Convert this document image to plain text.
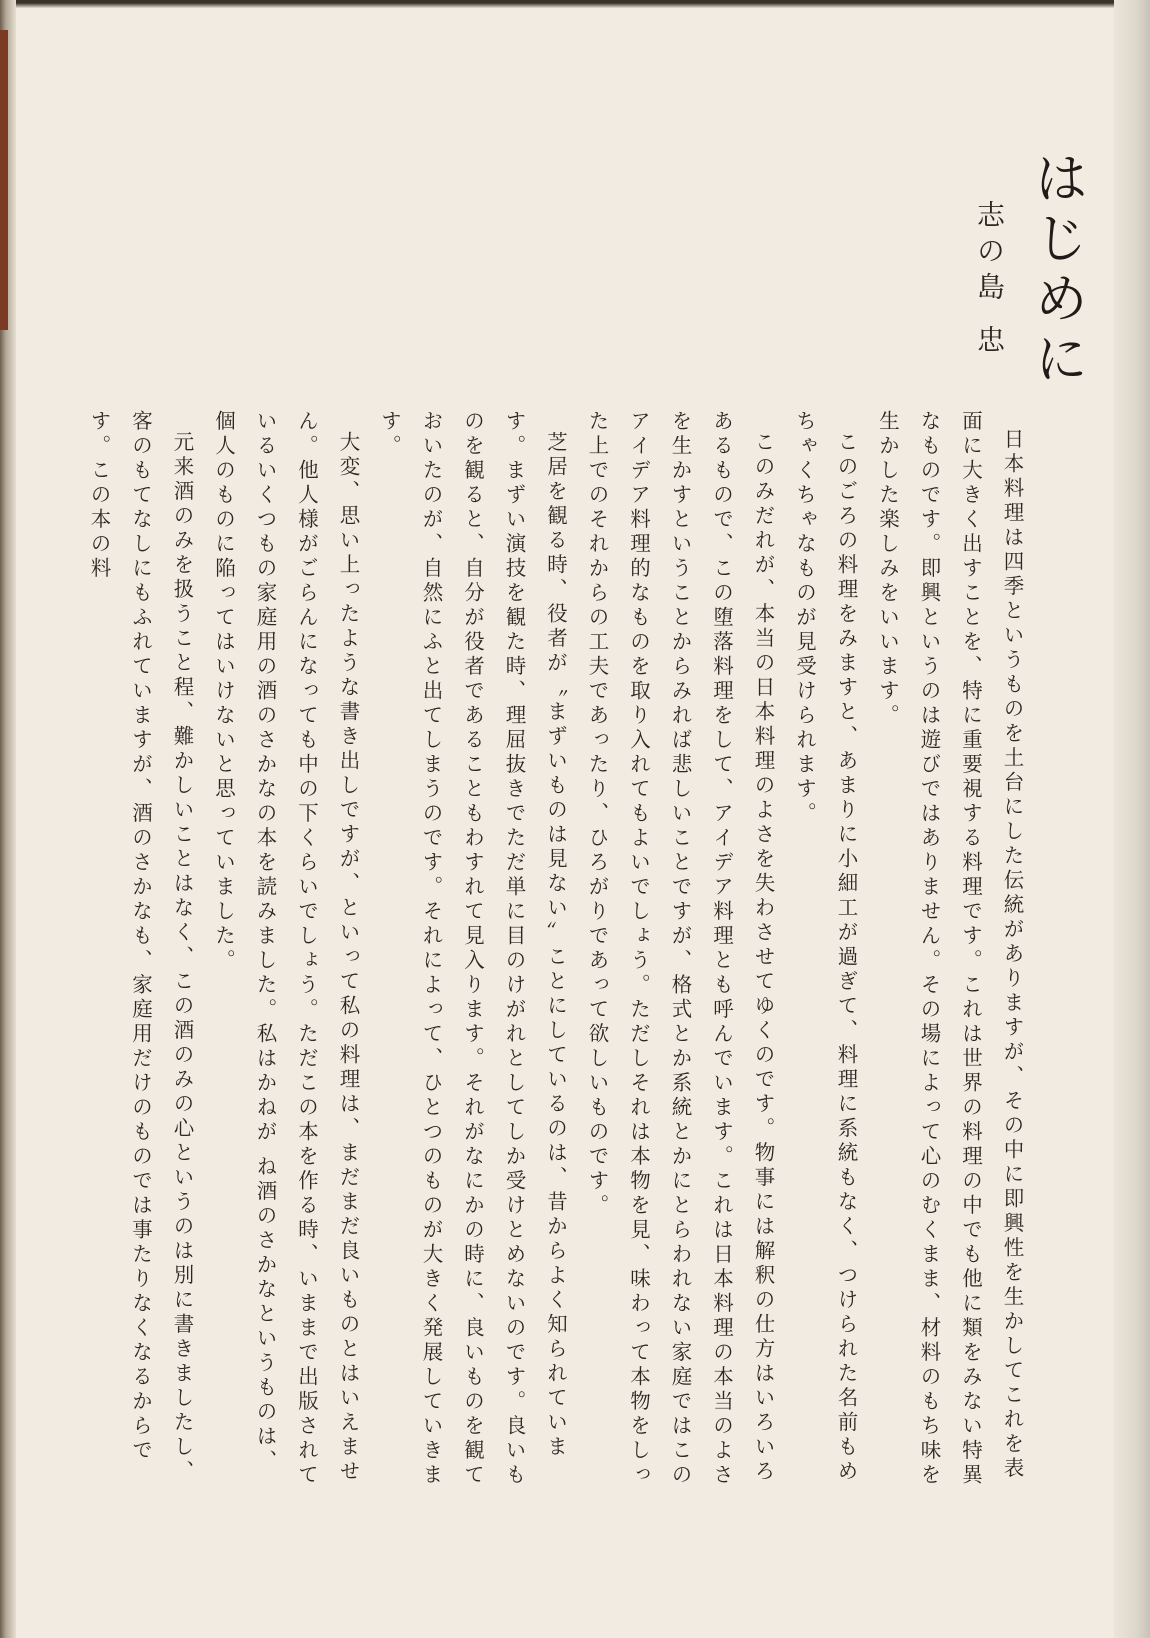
はじめに
志の島 忠

日本料理は四季というものを土台にした伝統がありますが、その中に即興性を生かしてこれを表面に大きく出すことを、特に重要視する料理です。これは世界の料理の中でも他に類をみない特異なものです。即興というのは遊びではありません。その場によって心のむくまま、材料のもち味を生かした楽しみをいいます。

このごろの料理をみますと、あまりに小細工が過ぎて、料理に系統もなく、つけられた名前もめちゃくちゃなものが見受けられます。

このみだれが、本当の日本料理のよさを失わさせてゆくのです。物事には解釈の仕方はいろいろあるもので、この堕落料理をして、アイデア料理とも呼んでいます。これは日本料理の本当のよさを生かすということからみれば悲しいことですが、格式とか系統とかにとらわれない家庭ではこのアイデア料理的なものを取り入れてもよいでしょう。ただしそれは本物を見、味わって本物をしった上でのそれからの工夫であったり、ひろがりであって欲しいものです。

芝居を観る時、役者が〝まずいものは見ない〟ことにしているのは、昔からよく知られています。まずい演技を観た時、理屈抜きでただ単に目のけがれとしてしか受けとめないのです。良いものを観ると、自分が役者であることもわすれて見入ります。それがなにかの時に、良いものを観ておいたのが、自然にふと出てしまうのです。それによって、ひとつのものが大きく発展していきます。

大変、思い上ったような書き出しですが、といって私の料理は、まだまだ良いものとはいえません。他人様がごらんになっても中の下くらいでしょう。ただこの本を作る時、いままで出版されているいくつもの家庭用の酒のさかなの本を読みました。私はかねが ね酒のさかなというものは、個人のものに陥ってはいけないと思っていました。

元来酒のみを扱うこと程、難かしいことはなく、この酒のみの心というのは別に書きましたし、客のもてなしにもふれていますが、酒のさかなも、家庭用だけのものでは事たりなくなるからです。この本の料
